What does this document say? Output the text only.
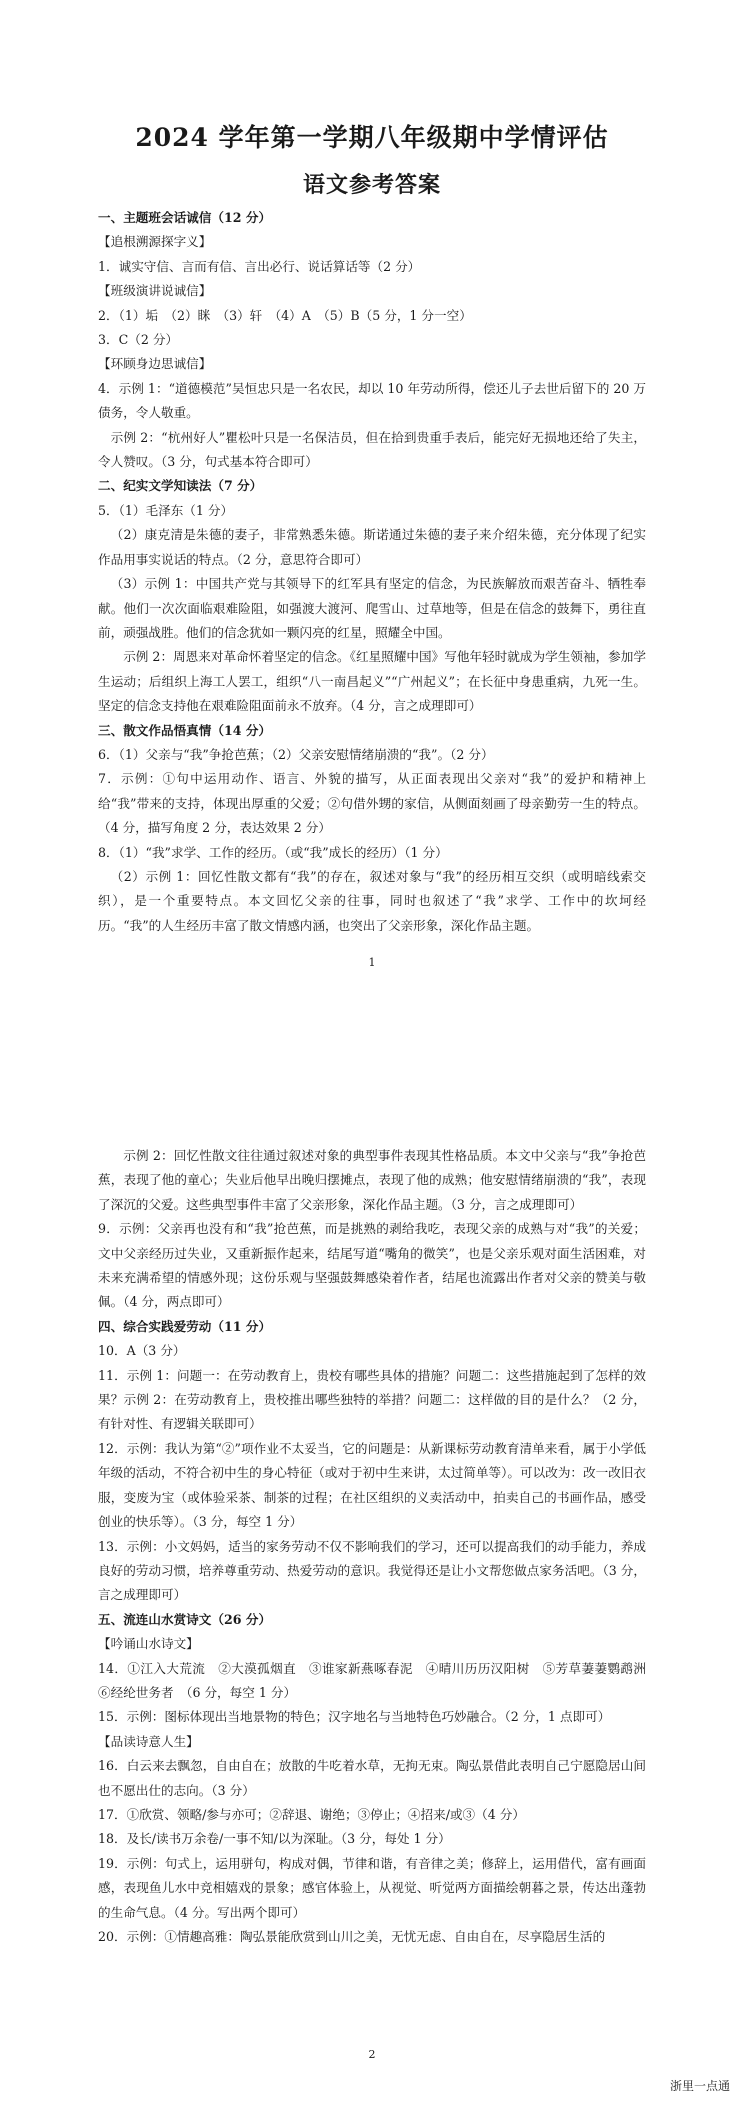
2024 学年第一学期八年级期中学情评估
语文参考答案

一、主题班会话诚信（12 分）

【追根溯源探字义】

1．诚实守信、言而有信、言出必行、说话算话等（2 分）

【班级演讲说诚信】

2．（1）垢　（2）眯　（3）轩　（4）A　（5）B（5 分，1 分一空）

3．C（2 分）

【环顾身边思诚信】

4．示例 1：“道德模范”吴恒忠只是一名农民，却以 10 年劳动所得，偿还儿子去世后留下的 20 万债务，令人敬重。

示例 2：“杭州好人”瞿松叶只是一名保洁员，但在拾到贵重手表后，能完好无损地还给了失主，令人赞叹。（3 分，句式基本符合即可）

二、纪实文学知读法（7 分）

5．（1）毛泽东（1 分）

（2）康克清是朱德的妻子，非常熟悉朱德。斯诺通过朱德的妻子来介绍朱德，充分体现了纪实作品用事实说话的特点。（2 分，意思符合即可）

（3）示例 1：中国共产党与其领导下的红军具有坚定的信念，为民族解放而艰苦奋斗、牺牲奉献。他们一次次面临艰难险阻，如强渡大渡河、爬雪山、过草地等，但是在信念的鼓舞下，勇往直前，顽强战胜。他们的信念犹如一颗闪亮的红星，照耀全中国。

示例 2：周恩来对革命怀着坚定的信念。《红星照耀中国》写他年轻时就成为学生领袖，参加学生运动；后组织上海工人罢工，组织“八一南昌起义”“广州起义”；在长征中身患重病，九死一生。坚定的信念支持他在艰难险阻面前永不放弃。（4 分，言之成理即可）

三、散文作品悟真情（14 分）

6．（1）父亲与“我”争抢芭蕉；（2）父亲安慰情绪崩溃的“我”。（2 分）

7．示例：①句中运用动作、语言、外貌的描写，从正面表现出父亲对“我”的爱护和精神上给“我”带来的支持，体现出厚重的父爱；②句借外甥的家信，从侧面刻画了母亲勤劳一生的特点。（4 分，描写角度 2 分，表达效果 2 分）

8．（1）“我”求学、工作的经历。（或“我”成长的经历）（1 分）

（2）示例 1：回忆性散文都有“我”的存在，叙述对象与“我”的经历相互交织（或明暗线索交织），是一个重要特点。本文回忆父亲的往事，同时也叙述了“我”求学、工作中的坎坷经历。“我”的人生经历丰富了散文情感内涵，也突出了父亲形象，深化作品主题。

1

示例 2：回忆性散文往往通过叙述对象的典型事件表现其性格品质。本文中父亲与“我”争抢芭蕉，表现了他的童心；失业后他早出晚归摆摊点，表现了他的成熟；他安慰情绪崩溃的“我”，表现了深沉的父爱。这些典型事件丰富了父亲形象，深化作品主题。（3 分，言之成理即可）

9．示例：父亲再也没有和“我”抢芭蕉，而是挑熟的剥给我吃，表现父亲的成熟与对“我”的关爱；文中父亲经历过失业，又重新振作起来，结尾写道“嘴角的微笑”，也是父亲乐观对面生活困难，对未来充满希望的情感外现；这份乐观与坚强鼓舞感染着作者，结尾也流露出作者对父亲的赞美与敬佩。（4 分，两点即可）

四、综合实践爱劳动（11 分）

10．A（3 分）

11．示例 1：问题一：在劳动教育上，贵校有哪些具体的措施？问题二：这些措施起到了怎样的效果？示例 2：在劳动教育上，贵校推出哪些独特的举措？问题二：这样做的目的是什么？（2 分，有针对性、有逻辑关联即可）

12．示例：我认为第“②”项作业不太妥当，它的问题是：从新课标劳动教育清单来看，属于小学低年级的活动，不符合初中生的身心特征（或对于初中生来讲，太过简单等）。可以改为：改一改旧衣服，变废为宝（或体验采茶、制茶的过程；在社区组织的义卖活动中，拍卖自己的书画作品，感受创业的快乐等）。（3 分，每空 1 分）

13．示例：小文妈妈，适当的家务劳动不仅不影响我们的学习，还可以提高我们的动手能力，养成良好的劳动习惯，培养尊重劳动、热爱劳动的意识。我觉得还是让小文帮您做点家务活吧。（3 分，言之成理即可）

五、流连山水赏诗文（26 分）

【吟诵山水诗文】

14．①江入大荒流　②大漠孤烟直　③谁家新燕啄春泥　④晴川历历汉阳树　⑤芳草萋萋鹦鹉洲　⑥经纶世务者　（6 分，每空 1 分）

15．示例：图标体现出当地景物的特色；汉字地名与当地特色巧妙融合。（2 分，1 点即可）

【品读诗意人生】

16．白云来去飘忽，自由自在；放散的牛吃着水草，无拘无束。陶弘景借此表明自己宁愿隐居山间也不愿出仕的志向。（3 分）

17．①欣赏、领略/参与亦可；②辞退、谢绝；③停止；④招来/或③（4 分）

18．及长/读书万余卷/一事不知/以为深耻。（3 分，每处 1 分）

19．示例：句式上，运用骈句，构成对偶，节律和谐，有音律之美；修辞上，运用借代，富有画面感，表现鱼儿水中竞相嬉戏的景象；感官体验上，从视觉、听觉两方面描绘朝暮之景，传达出蓬勃的生命气息。（4 分。写出两个即可）

20．示例：①情趣高雅：陶弘景能欣赏到山川之美，无忧无虑、自由自在，尽享隐居生活的

2
浙里一点通
